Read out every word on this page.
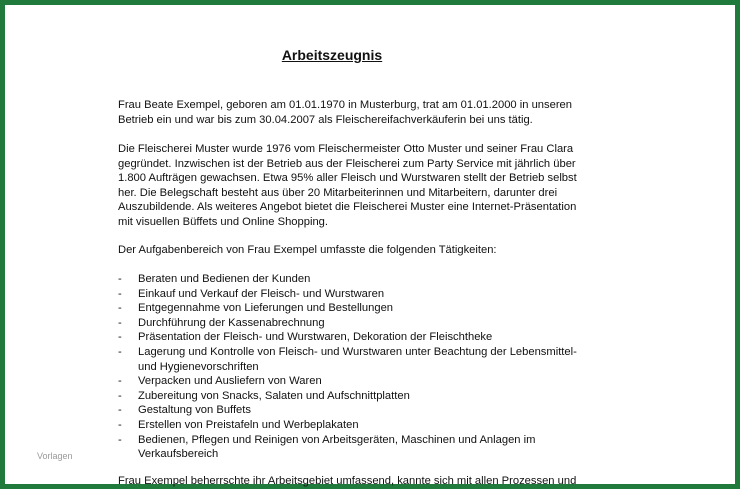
Arbeitszeugnis

Frau Beate Exempel, geboren am 01.01.1970 in Musterburg, trat am 01.01.2000 in unseren
Betrieb ein und war bis zum 30.04.2007 als Fleischereifachverkäuferin bei uns tätig.

Die Fleischerei Muster wurde 1976 vom Fleischermeister Otto Muster und seiner Frau Clara
gegründet. Inzwischen ist der Betrieb aus der Fleischerei zum Party Service mit jährlich über
1.800 Aufträgen gewachsen. Etwa 95% aller Fleisch und Wurstwaren stellt der Betrieb selbst
her. Die Belegschaft besteht aus über 20 Mitarbeiterinnen und Mitarbeitern, darunter drei
Auszubildende. Als weiteres Angebot bietet die Fleischerei Muster eine Internet-Präsentation
mit visuellen Büffets und Online Shopping.

Der Aufgabenbereich von Frau Exempel umfasste die folgenden Tätigkeiten:

- Beraten und Bedienen der Kunden
- Einkauf und Verkauf der Fleisch- und Wurstwaren
- Entgegennahme von Lieferungen und Bestellungen
- Durchführung der Kassenabrechnung
- Präsentation der Fleisch- und Wurstwaren, Dekoration der Fleischtheke
- Lagerung und Kontrolle von Fleisch- und Wurstwaren unter Beachtung der Lebensmittel-
und Hygienevorschriften
- Verpacken und Ausliefern von Waren
- Zubereitung von Snacks, Salaten und Aufschnittplatten
- Gestaltung von Buffets
- Erstellen von Preistafeln und Werbeplakaten
- Bedienen, Pflegen und Reinigen von Arbeitsgeräten, Maschinen und Anlagen im
Verkaufsbereich

Frau Exempel beherrschte ihr Arbeitsgebiet umfassend, kannte sich mit allen Prozessen und

Vorlagen
